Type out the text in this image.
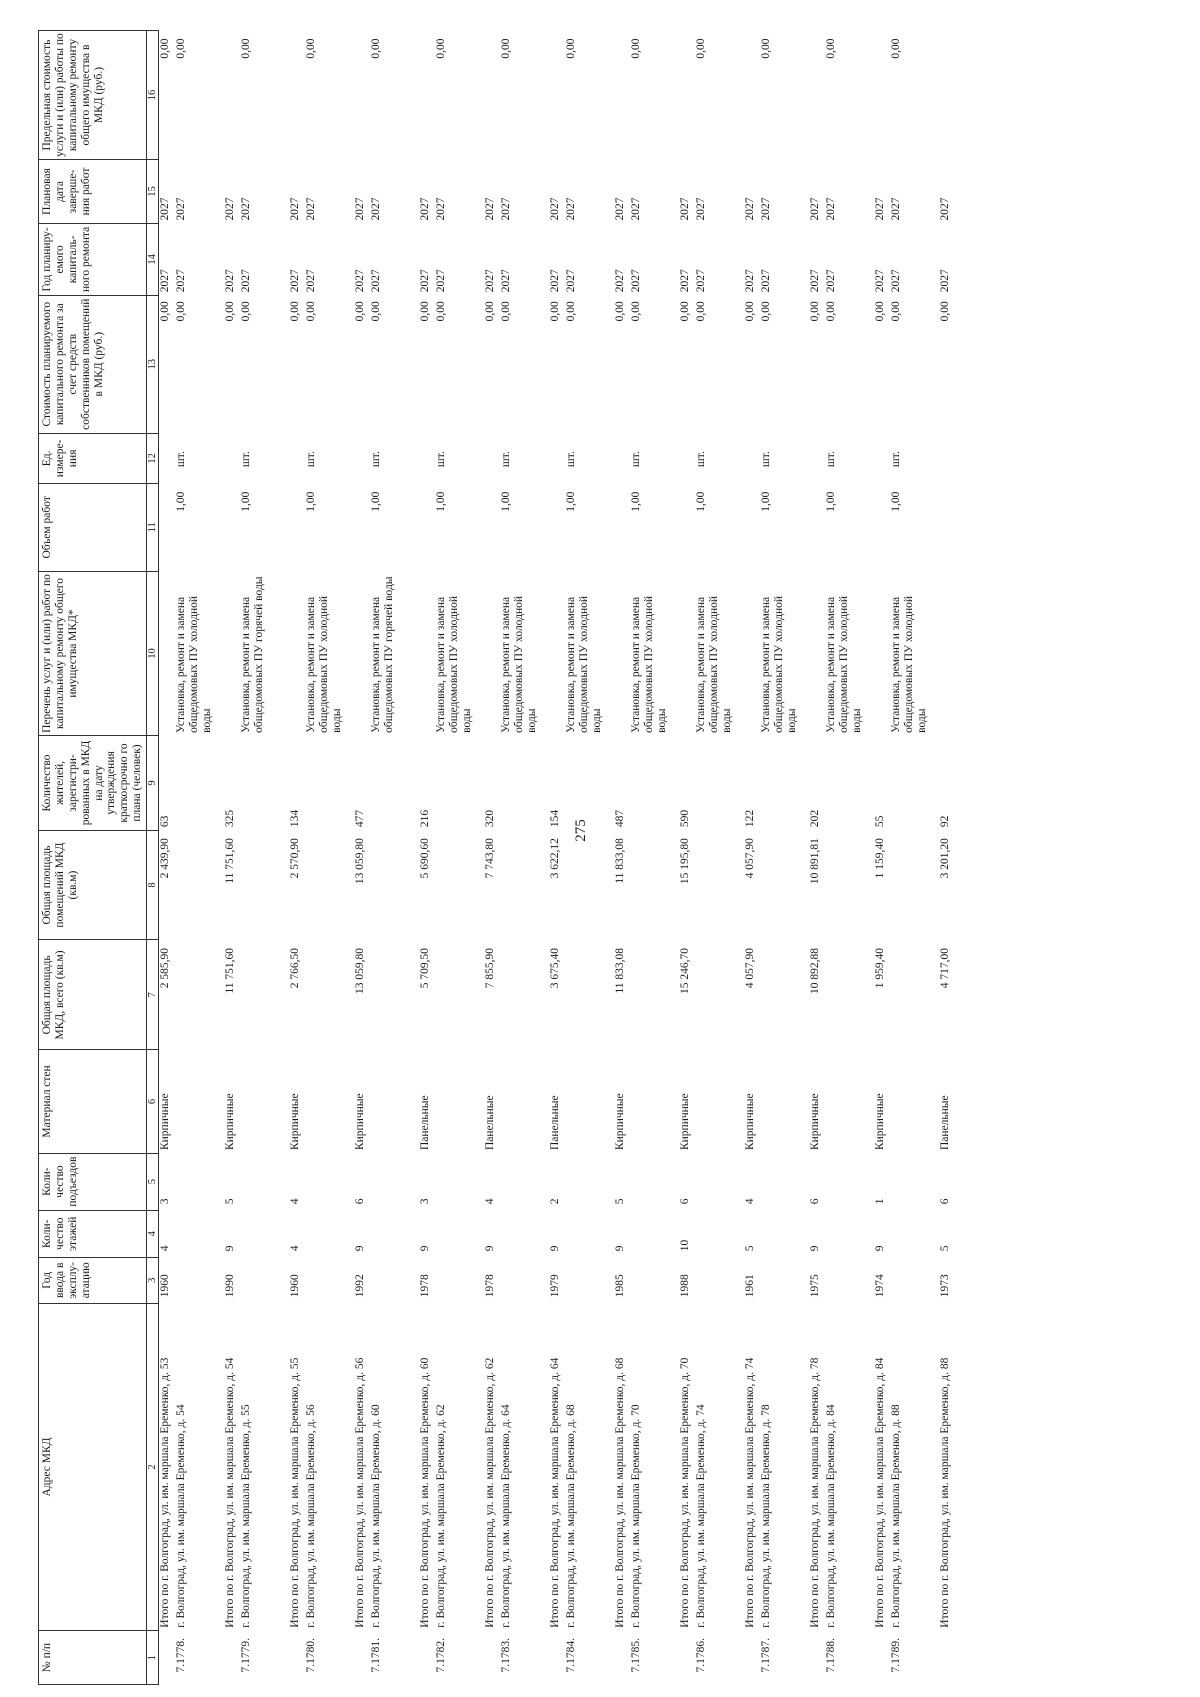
275
№ п/п	Адрес МКД	Год ввода в эксплу-атацию	Коли-чество этажей	Коли-чество подъездов	Материал стен	Общая площадь МКД, всего (кв.м)	Общая площадь помещений МКД (кв.м)	Количество жителей, зарегистри-рованных в МКД на дату утверждения краткосрочно го плана (человек)	Перечень услуг и (или) работ по капитальному ремонту общего имущества МКД*	Объем работ	Ед. измере-ния	Стоимость планируемого капитального ремонта за счет средств собственников помещений в МКД (руб.)	Год планиру-емого капиталь-ного ремонта	Плановая дата заверше-ния работ	Предельная стоимость услуги и (или) работы по капитальному ремонту общего имущества в МКД (руб.)
1	2	3	4	5	6	7	8	9	10	11	12	13	14	15	16
	Итого по г. Волгоград, ул. им. маршала Еременко, д. 53	1960	4	3	Кирпичные	2 585,90	2 439,90	63				0,00	2027	2027	0,00
7.1778.	г. Волгоград, ул. им. маршала Еременко, д. 54								Установка, ремонт и замена общедомовых ПУ холодной воды	1,00	шт.	0,00	2027	2027	0,00
	Итого по г. Волгоград, ул. им. маршала Еременко, д. 54	1990	9	5	Кирпичные	11 751,60	11 751,60	325				0,00	2027	2027	
7.1779.	г. Волгоград, ул. им. маршала Еременко, д. 55								Установка, ремонт и замена общедомовых ПУ горячей воды	1,00	шт.	0,00	2027	2027	0,00
	Итого по г. Волгоград, ул. им. маршала Еременко, д. 55	1960	4	4	Кирпичные	2 766,50	2 570,90	134				0,00	2027	2027	
7.1780.	г. Волгоград, ул. им. маршала Еременко, д. 56								Установка, ремонт и замена общедомовых ПУ холодной воды	1,00	шт.	0,00	2027	2027	0,00
	Итого по г. Волгоград, ул. им. маршала Еременко, д. 56	1992	9	6	Кирпичные	13 059,80	13 059,80	477				0,00	2027	2027	
7.1781.	г. Волгоград, ул. им. маршала Еременко, д. 60								Установка, ремонт и замена общедомовых ПУ горячей воды	1,00	шт.	0,00	2027	2027	0,00
	Итого по г. Волгоград, ул. им. маршала Еременко, д. 60	1978	9	3	Панельные	5 709,50	5 690,60	216				0,00	2027	2027	
7.1782.	г. Волгоград, ул. им. маршала Еременко, д. 62								Установка, ремонт и замена общедомовых ПУ холодной воды	1,00	шт.	0,00	2027	2027	0,00
	Итого по г. Волгоград, ул. им. маршала Еременко, д. 62	1978	9	4	Панельные	7 855,90	7 743,80	320				0,00	2027	2027	
7.1783.	г. Волгоград, ул. им. маршала Еременко, д. 64								Установка, ремонт и замена общедомовых ПУ холодной воды	1,00	шт.	0,00	2027	2027	0,00
	Итого по г. Волгоград, ул. им. маршала Еременко, д. 64	1979	9	2	Панельные	3 675,40	3 622,12	154				0,00	2027	2027	
7.1784.	г. Волгоград, ул. им. маршала Еременко, д. 68								Установка, ремонт и замена общедомовых ПУ холодной воды	1,00	шт.	0,00	2027	2027	0,00
	Итого по г. Волгоград, ул. им. маршала Еременко, д. 68	1985	9	5	Кирпичные	11 833,08	11 833,08	487				0,00	2027	2027	
7.1785.	г. Волгоград, ул. им. маршала Еременко, д. 70								Установка, ремонт и замена общедомовых ПУ холодной воды	1,00	шт.	0,00	2027	2027	0,00
	Итого по г. Волгоград, ул. им. маршала Еременко, д. 70	1988	10	6	Кирпичные	15 246,70	15 195,80	590				0,00	2027	2027	
7.1786.	г. Волгоград, ул. им. маршала Еременко, д. 74								Установка, ремонт и замена общедомовых ПУ холодной воды	1,00	шт.	0,00	2027	2027	0,00
	Итого по г. Волгоград, ул. им. маршала Еременко, д. 74	1961	5	4	Кирпичные	4 057,90	4 057,90	122				0,00	2027	2027	
7.1787.	г. Волгоград, ул. им. маршала Еременко, д. 78								Установка, ремонт и замена общедомовых ПУ холодной воды	1,00	шт.	0,00	2027	2027	0,00
	Итого по г. Волгоград, ул. им. маршала Еременко, д. 78	1975	9	6	Кирпичные	10 892,88	10 891,81	202				0,00	2027	2027	
7.1788.	г. Волгоград, ул. им. маршала Еременко, д. 84								Установка, ремонт и замена общедомовых ПУ холодной воды	1,00	шт.	0,00	2027	2027	0,00
	Итого по г. Волгоград, ул. им. маршала Еременко, д. 84	1974	9	1	Кирпичные	1 959,40	1 159,40	55				0,00	2027	2027	
7.1789.	г. Волгоград, ул. им. маршала Еременко, д. 88								Установка, ремонт и замена общедомовых ПУ холодной воды	1,00	шт.	0,00	2027	2027	0,00
	Итого по г. Волгоград, ул. им. маршала Еременко, д. 88	1973	5	6	Панельные	4 717,00	3 201,20	92				0,00	2027	2027	
